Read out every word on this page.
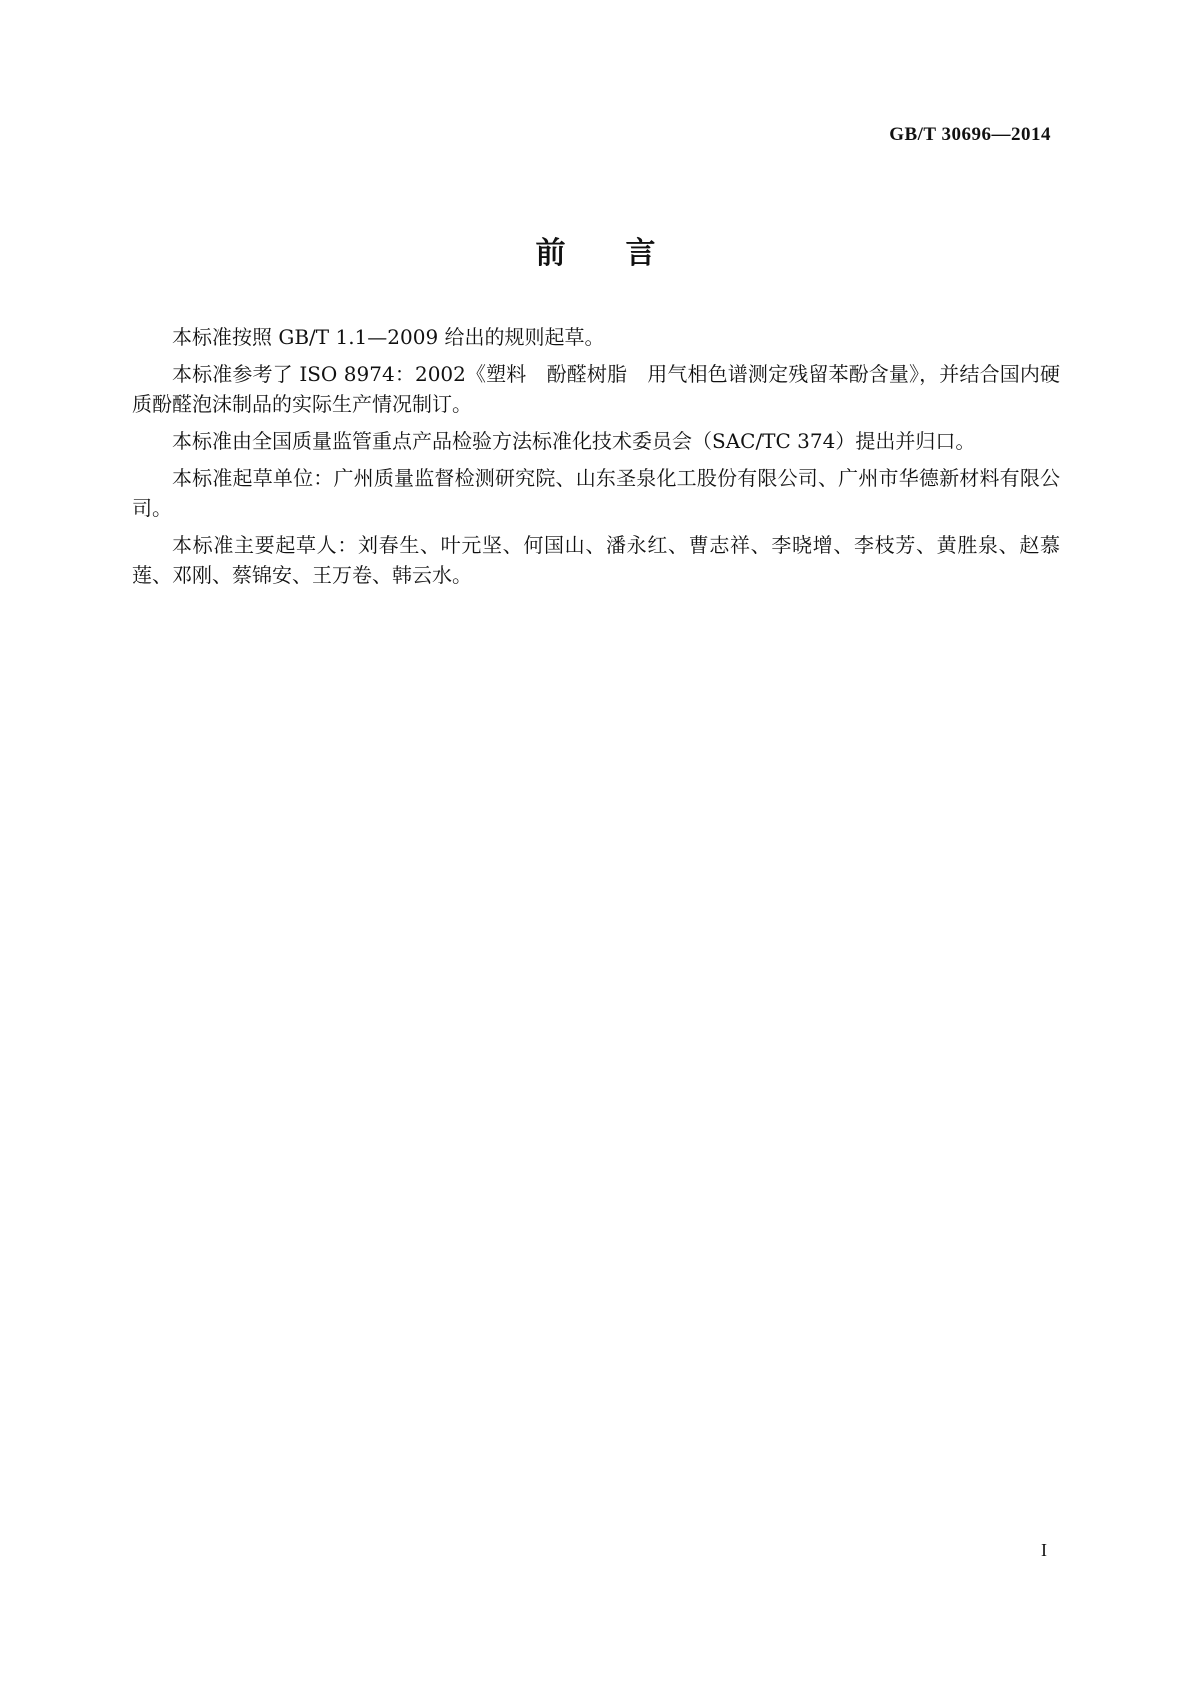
GB/T 30696—2014
前言

本标准按照 GB/T 1.1—2009 给出的规则起草。

本标准参考了 ISO 8974：2002《塑料　酚醛树脂　用气相色谱测定残留苯酚含量》，并结合国内硬质酚醛泡沫制品的实际生产情况制订。

本标准由全国质量监管重点产品检验方法标准化技术委员会（SAC/TC 374）提出并归口。

本标准起草单位：广州质量监督检测研究院、山东圣泉化工股份有限公司、广州市华德新材料有限公司。

本标准主要起草人：刘春生、叶元坚、何国山、潘永红、曹志祥、李晓增、李枝芳、黄胜泉、赵慕莲、邓刚、蔡锦安、王万卷、韩云水。

I
